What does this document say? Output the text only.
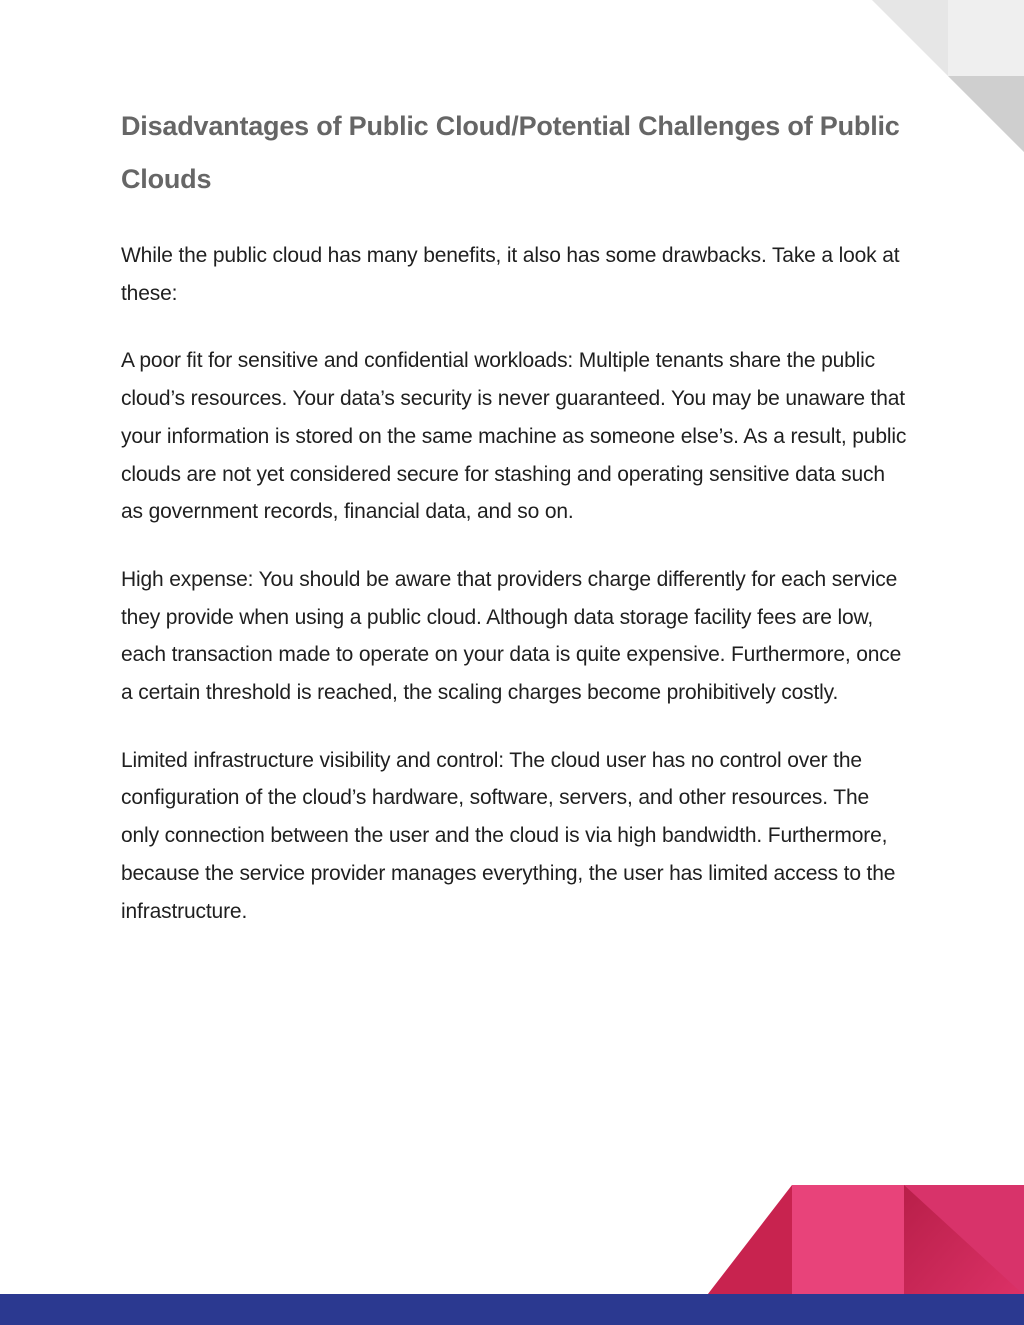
Disadvantages of Public Cloud/Potential Challenges of Public Clouds

While the public cloud has many benefits, it also has some drawbacks. Take a look at these:

A poor fit for sensitive and confidential workloads: Multiple tenants share the public cloud’s resources. Your data’s security is never guaranteed. You may be unaware that your information is stored on the same machine as someone else’s. As a result, public clouds are not yet considered secure for stashing and operating sensitive data such as government records, financial data, and so on.

High expense: You should be aware that providers charge differently for each service they provide when using a public cloud. Although data storage facility fees are low, each transaction made to operate on your data is quite expensive. Furthermore, once a certain threshold is reached, the scaling charges become prohibitively costly.

Limited infrastructure visibility and control: The cloud user has no control over the configuration of the cloud’s hardware, software, servers, and other resources. The only connection between the user and the cloud is via high bandwidth. Furthermore, because the service provider manages everything, the user has limited access to the infrastructure.
